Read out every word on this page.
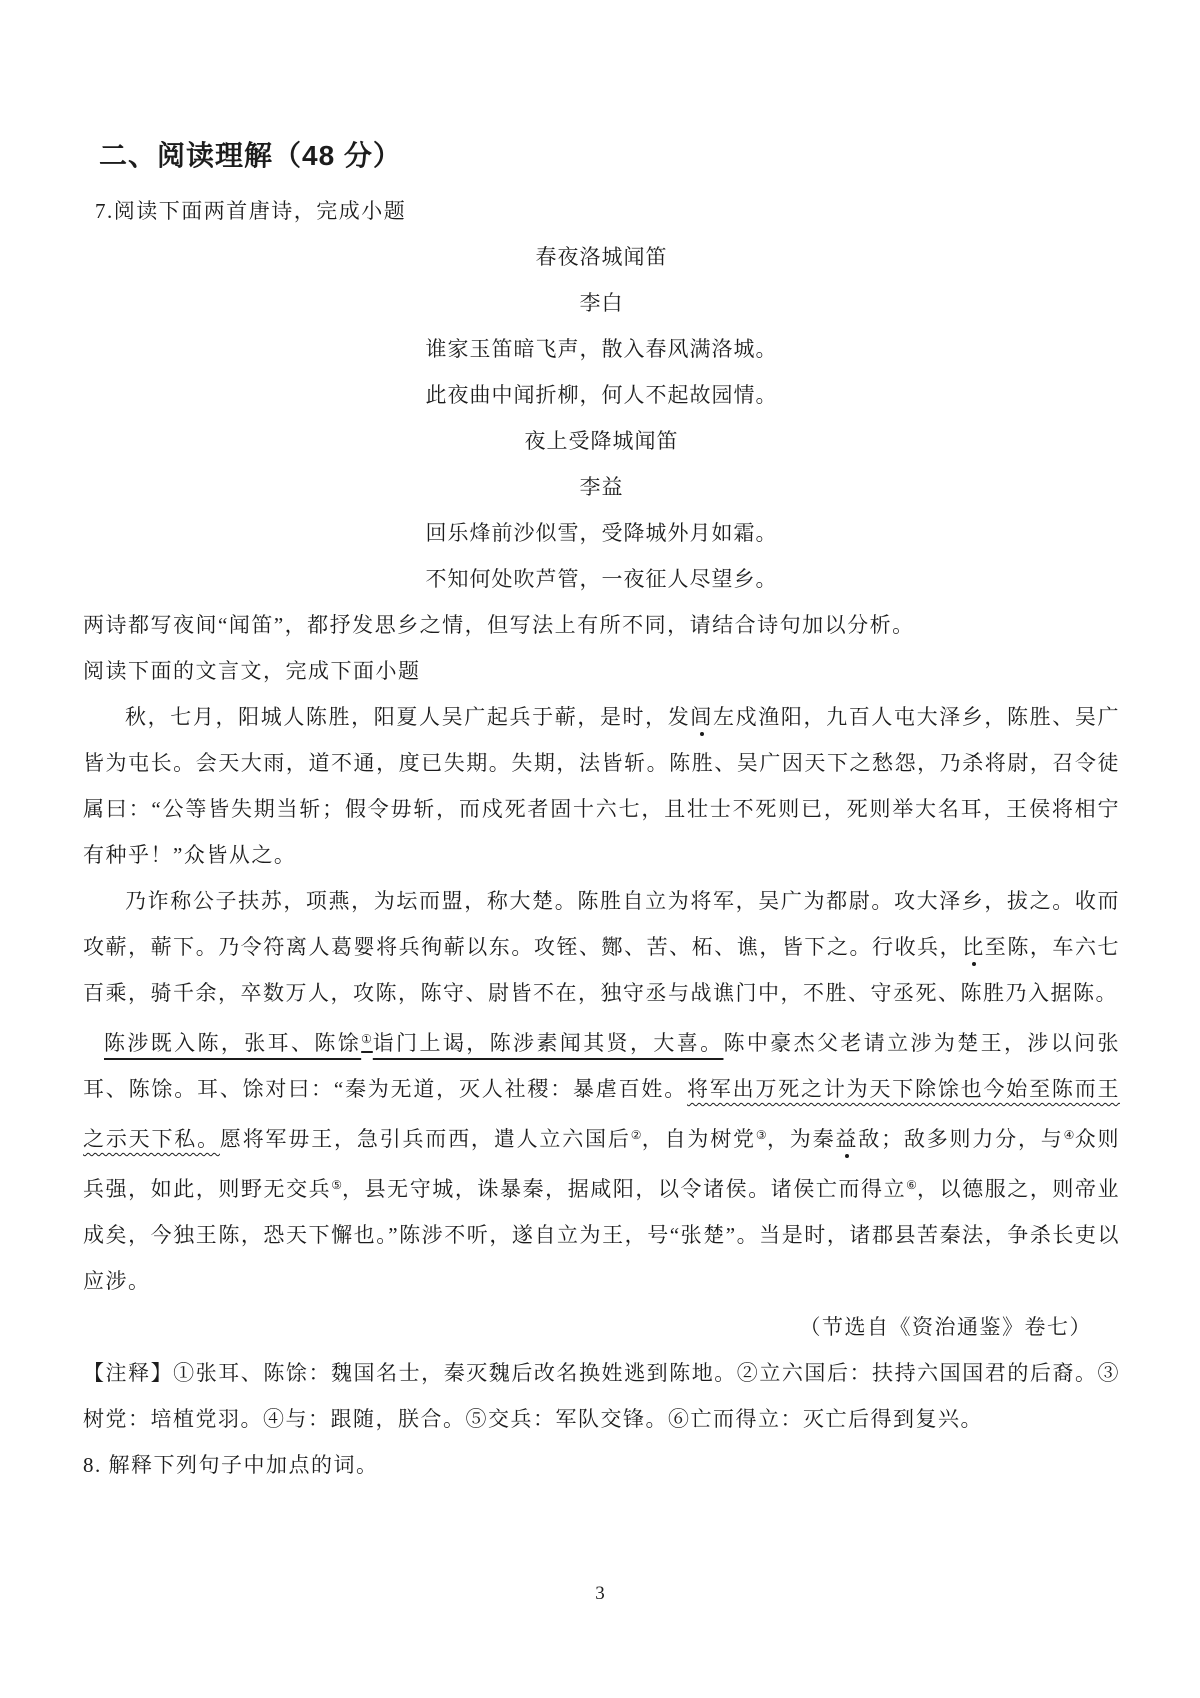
二、阅读理解（48 分）
7.阅读下面两首唐诗，完成小题
春夜洛城闻笛
李白
谁家玉笛暗飞声，散入春风满洛城。
此夜曲中闻折柳，何人不起故园情。
夜上受降城闻笛
李益
回乐烽前沙似雪，受降城外月如霜。
不知何处吹芦管，一夜征人尽望乡。
两诗都写夜间“闻笛”，都抒发思乡之情，但写法上有所不同，请结合诗句加以分析。
阅读下面的文言文，完成下面小题

秋，七月，阳城人陈胜，阳夏人吴广起兵于蕲，是时，发闾左戍渔阳，九百人屯大泽乡，陈胜、吴广皆为屯长。会天大雨，道不通，度已失期。失期，法皆斩。陈胜、吴广因天下之愁怨，乃杀将尉，召令徒属曰：“公等皆失期当斩；假令毋斩，而戍死者固十六七，且壮士不死则已，死则举大名耳，王侯将相宁有种乎！”众皆从之。

乃诈称公子扶苏，项燕，为坛而盟，称大楚。陈胜自立为将军，吴广为都尉。攻大泽乡，拔之。收而攻蕲，蕲下。乃令符离人葛婴将兵徇蕲以东。攻铚、酂、苦、柘、谯，皆下之。行收兵，比至陈，车六七百乘，骑千余，卒数万人，攻陈，陈守、尉皆不在，独守丞与战谯门中，不胜、守丞死、陈胜乃入据陈。

陈涉既入陈，张耳、陈馀①诣门上谒，陈涉素闻其贤，大喜。陈中豪杰父老请立涉为楚王，涉以问张耳、陈馀。耳、馀对曰：“秦为无道，灭人社稷：暴虐百姓。将军出万死之计为天下除馀也今始至陈而王之示天下私。愿将军毋王，急引兵而西，遣人立六国后②，自为树党③，为秦益敌；敌多则力分，与④众则兵强，如此，则野无交兵⑤，县无守城，诛暴秦，据咸阳，以令诸侯。诸侯亡而得立⑥，以德服之，则帝业成矣，今独王陈，恐天下懈也。”陈涉不听，遂自立为王，号“张楚”。当是时，诸郡县苦秦法，争杀长吏以应涉。

（节选自《资治通鉴》卷七）
【注释】①张耳、陈馀：魏国名士，秦灭魏后改名换姓逃到陈地。②立六国后：扶持六国国君的后裔。③树党：培植党羽。④与：跟随，朕合。⑤交兵：军队交锋。⑥亡而得立：灭亡后得到复兴。
8. 解释下列句子中加点的词。
3
